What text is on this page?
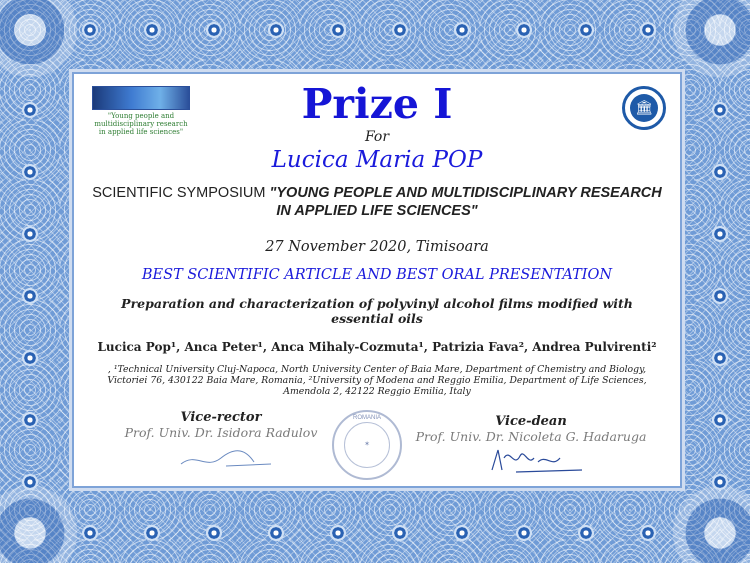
"Young people and multidisciplinary research in applied life sciences"
🏛
Prize I
For
Lucica Maria POP
SCIENTIFIC SYMPOSIUM "YOUNG PEOPLE AND MULTIDISCIPLINARY RESEARCH IN APPLIED LIFE SCIENCES"
27 November 2020, Timisoara
BEST SCIENTIFIC ARTICLE AND BEST ORAL PRESENTATION
Preparation and characterization of polyvinyl alcohol films modified with essential oils
Lucica Pop¹, Anca Peter¹, Anca Mihaly-Cozmuta¹, Patrizia Fava², Andrea Pulvirenti²
, ¹Technical University Cluj-Napoca, North University Center of Baia Mare, Department of Chemistry and Biology, Victoriei 76, 430122 Baia Mare, Romania, ²University of Modena and Reggio Emilia, Department of Life Sciences, Amendola 2, 42122 Reggio Emilia, Italy
Vice-rector
Prof. Univ. Dr. Isidora Radulov
ROMANIA
✶
Vice-dean
Prof. Univ. Dr. Nicoleta G. Hadaruga
